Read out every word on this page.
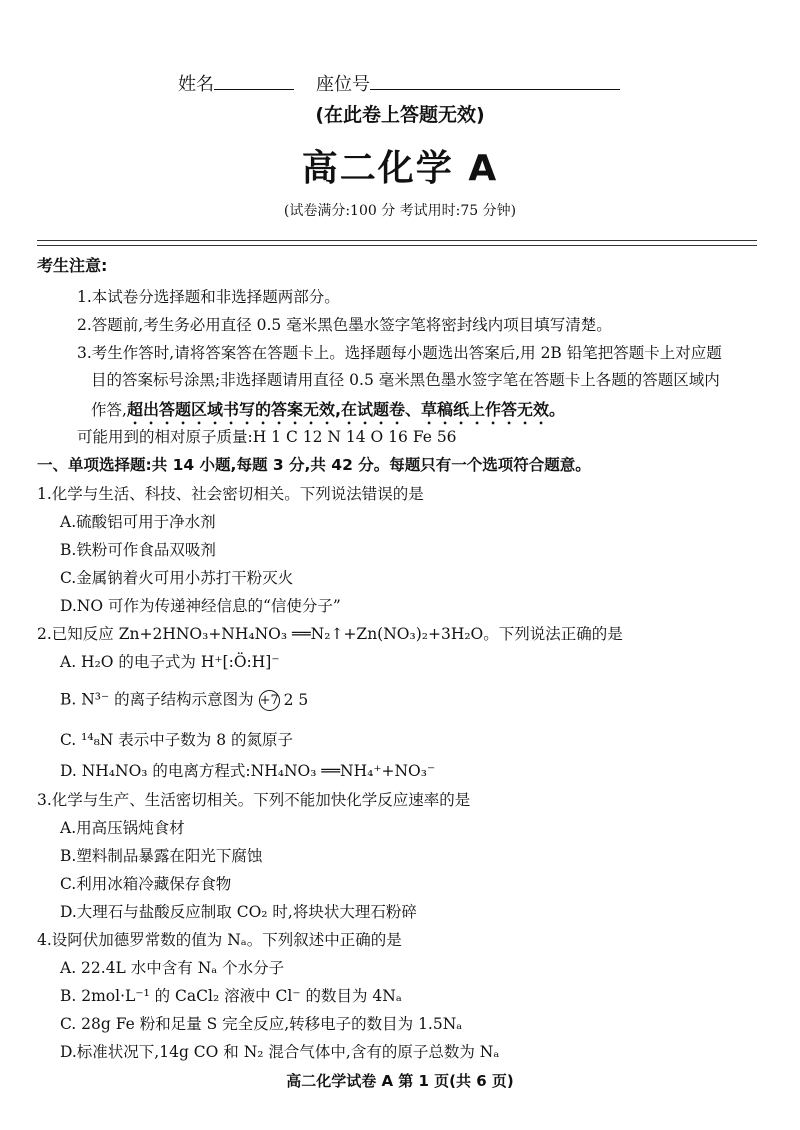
姓名	座位号
(在此卷上答题无效)
高二化学 A
(试卷满分:100 分 考试用时:75 分钟)
考生注意:
1.本试卷分选择题和非选择题两部分。
2.答题前,考生务必用直径 0.5 毫米黑色墨水签字笔将密封线内项目填写清楚。
3.考生作答时,请将答案答在答题卡上。选择题每小题选出答案后,用 2B 铅笔把答题卡上对应题
目的答案标号涂黑;非选择题请用直径 0.5 毫米黑色墨水签字笔在答题卡上各题的答题区域内
作答,超出答题区域书写的答案无效,在试题卷、草稿纸上作答无效。
可能用到的相对原子质量:H 1 C 12 N 14 O 16 Fe 56
一、单项选择题:共 14 小题,每题 3 分,共 42 分。每题只有一个选项符合题意。
1.化学与生活、科技、社会密切相关。下列说法错误的是
A.硫酸铝可用于净水剂
B.铁粉可作食品双吸剂
C.金属钠着火可用小苏打干粉灭火
D.NO 可作为传递神经信息的“信使分子”
2.已知反应 Zn+2HNO₃+NH₄NO₃ ══N₂↑+Zn(NO₃)₂+3H₂O。下列说法正确的是
A. H₂O 的电子式为 H⁺[:Ö:H]⁻
B. N³⁻ 的离子结构示意图为 +7 2 5
C. ¹⁴₈N 表示中子数为 8 的氮原子
D. NH₄NO₃ 的电离方程式:NH₄NO₃ ══NH₄⁺+NO₃⁻
3.化学与生产、生活密切相关。下列不能加快化学反应速率的是
A.用高压锅炖食材
B.塑料制品暴露在阳光下腐蚀
C.利用冰箱冷藏保存食物
D.大理石与盐酸反应制取 CO₂ 时,将块状大理石粉碎
4.设阿伏加德罗常数的值为 Nₐ。下列叙述中正确的是
A. 22.4L 水中含有 Nₐ 个水分子
B. 2mol·L⁻¹ 的 CaCl₂ 溶液中 Cl⁻ 的数目为 4Nₐ
C. 28g Fe 粉和足量 S 完全反应,转移电子的数目为 1.5Nₐ
D.标准状况下,14g CO 和 N₂ 混合气体中,含有的原子总数为 Nₐ
高二化学试卷 A 第 1 页(共 6 页)
